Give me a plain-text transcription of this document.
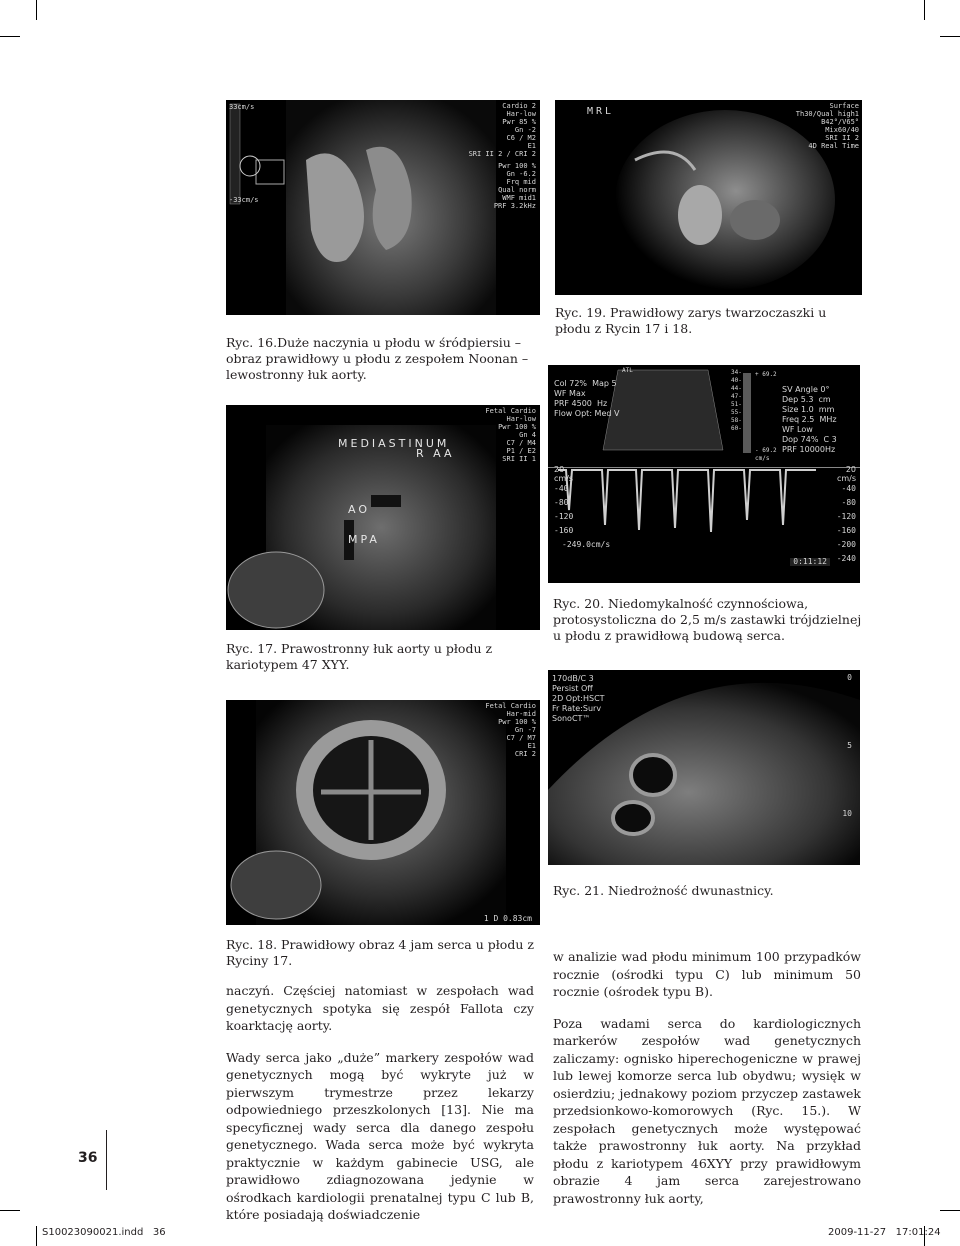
33cm/s
-33cm/s
Cardio 2
Har-low
Pwr 85 %
Gn -2
C6 / M2
E1
SRI II 2 / CRI 2
Pwr 100 %
Gn -6.2
Frq mid
Qual norm
WMF mid1
PRF 3.2kHz
Ryc. 16.Duże naczynia u płodu w śródpiersiu – obraz prawidłowy u płodu z zespołem Noonan – lewostronny łuk aorty.
MRL	Surface
Th30/Qual high1
B42°/V65°
Mix60/40
SRI II 2
4D Real Time
Ryc. 19. Prawidłowy zarys twarzoczaszki u płodu z Rycin 17 i 18.
Fetal Cardio
Har-low
Pwr 100 %
Gn 4
C7 / M4
P1 / E2
SRI II 1
MEDIASTINUM
R AA
AO
MPA
Ryc. 17. Prawostronny łuk aorty u płodu z kariotypem 47 XYY.
Col 72%  Map 5
WF Max
PRF 4500  Hz
Flow Opt: Med V
ATL	34-
40-
44-
47-
51-
55-
58-
60-
+ 69.2
- 69.2
cm/s
SV Angle 0°
Dep 5.3  cm
Size 1.0  mm
Freq 2.5  MHz
WF Low
Dop 74%  C 3
PRF 10000Hz
20
cm/s
-40
-80
-120
-160
-249.0cm/s
20
cm/s
-40
-80
-120
-160
-200
-240
0:11:12
Ryc. 20. Niedomykalność czynnościowa, protosystoliczna do 2,5 m/s zastawki trójdzielnej u płodu z prawidłową budową serca.
Fetal Cardio
Har-mid
Pwr 100 %
Gn -7
C7 / M7
E1
CRI 2
1 D 0.83cm
Ryc. 18. Prawidłowy obraz 4 jam serca u płodu z Ryciny 17.
170dB/C 3
Persist Off
2D Opt:HSCT
Fr Rate:Surv
SonoCT™
0
5
10
Ryc. 21. Niedrożność dwunastnicy.

naczyń. Częściej natomiast w zespołach wad genetycznych spotyka się zespół Fallota czy koarktację aorty.

Wady serca jako „duże” markery zespołów wad genetycznych mogą być wykryte już w pierwszym trymestrze przez lekarzy odpowiedniego przeszkolonych [13]. Nie ma specyficznej wady serca dla danego zespołu genetycznego. Wada serca może być wykryta praktycznie w każdym gabinecie USG, ale prawidłowo zdiagnozowana jedynie w ośrodkach kardiologii prenatalnej typu C lub B, które posiadają doświadczenie

w analizie wad płodu minimum 100 przypadków rocznie (ośrodki typu C) lub minimum 50 rocznie (ośrodek typu B).

Poza wadami serca do kardiologicznych markerów zespołów wad genetycznych zaliczamy: ognisko hiperechogeniczne w prawej lub lewej komorze serca lub obydwu; wysięk w osierdziu; jednakowy poziom przyczep zastawek przedsionkowo-komorowych (Ryc. 15.). W zespołach genetycznych może występować także prawostronny łuk aorty. Na przykład płodu z kariotypem 46XYY przy prawidłowym obrazie 4 jam serca zarejestrowano prawostronny łuk aorty,

36
S10023090021.indd   36	2009-11-27   17:01:24
